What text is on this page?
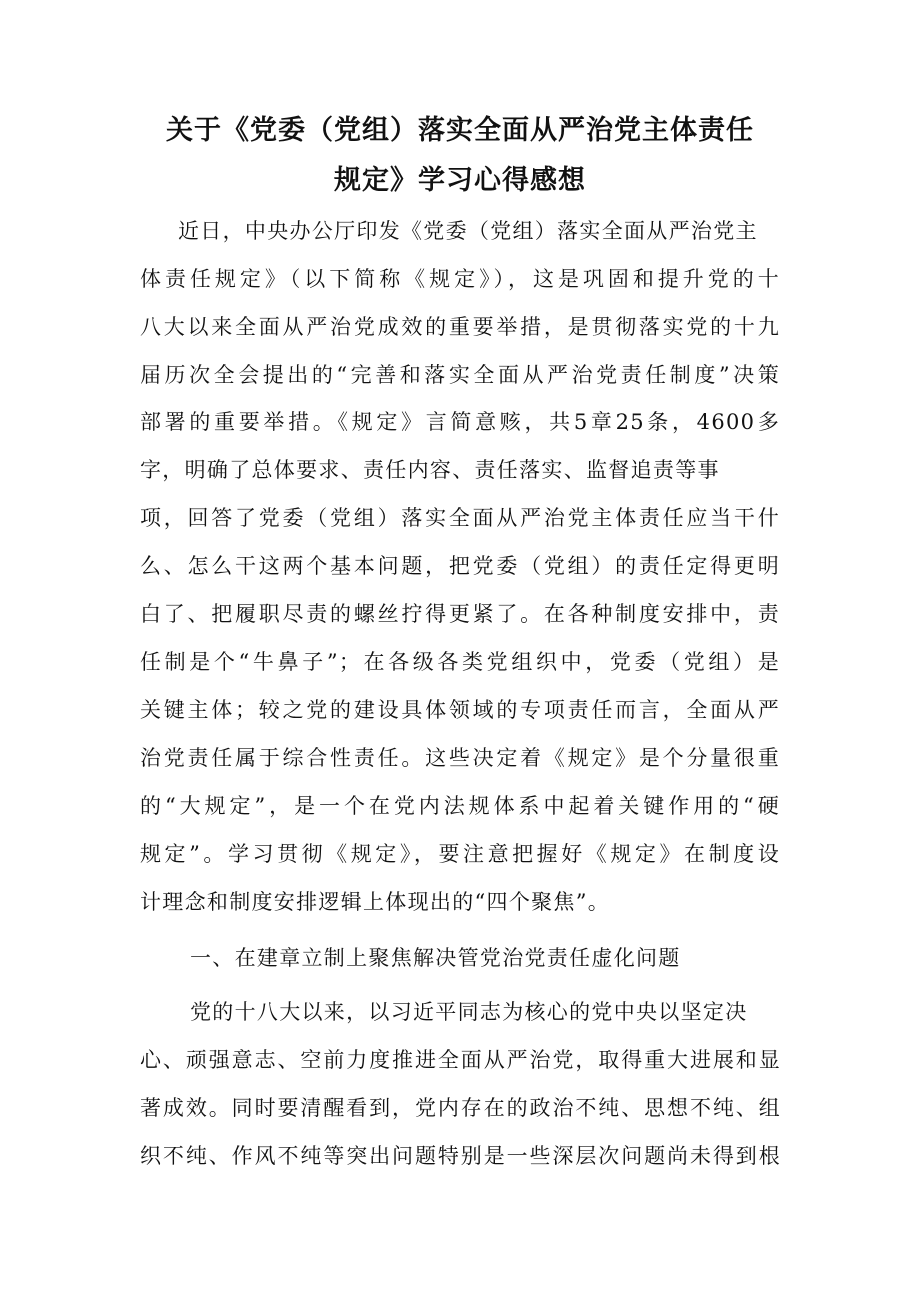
关于《党委（党组）落实全面从严治党主体责任
规定》学习心得感想

近日，中央办公厅印发《党委（党组）落实全面从严治党主

体责任规定》（以下简称《规定》），这是巩固和提升党的十

八大以来全面从严治党成效的重要举措，是贯彻落实党的十九

届历次全会提出的“完善和落实全面从严治党责任制度”决策

部署的重要举措。《规定》言简意赅，共5章25条，4600多

字，明确了总体要求、责任内容、责任落实、监督追责等事

项，回答了党委（党组）落实全面从严治党主体责任应当干什

么、怎么干这两个基本问题，把党委（党组）的责任定得更明

白了、把履职尽责的螺丝拧得更紧了。在各种制度安排中，责

任制是个“牛鼻子”；在各级各类党组织中，党委（党组）是

关键主体；较之党的建设具体领域的专项责任而言，全面从严

治党责任属于综合性责任。这些决定着《规定》是个分量很重

的“大规定”，是一个在党内法规体系中起着关键作用的“硬

规定”。学习贯彻《规定》，要注意把握好《规定》在制度设

计理念和制度安排逻辑上体现出的“四个聚焦”。

一、在建章立制上聚焦解决管党治党责任虚化问题

党的十八大以来，以习近平同志为核心的党中央以坚定决

心、顽强意志、空前力度推进全面从严治党，取得重大进展和显

著成效。同时要清醒看到，党内存在的政治不纯、思想不纯、组

织不纯、作风不纯等突出问题特别是一些深层次问题尚未得到根
